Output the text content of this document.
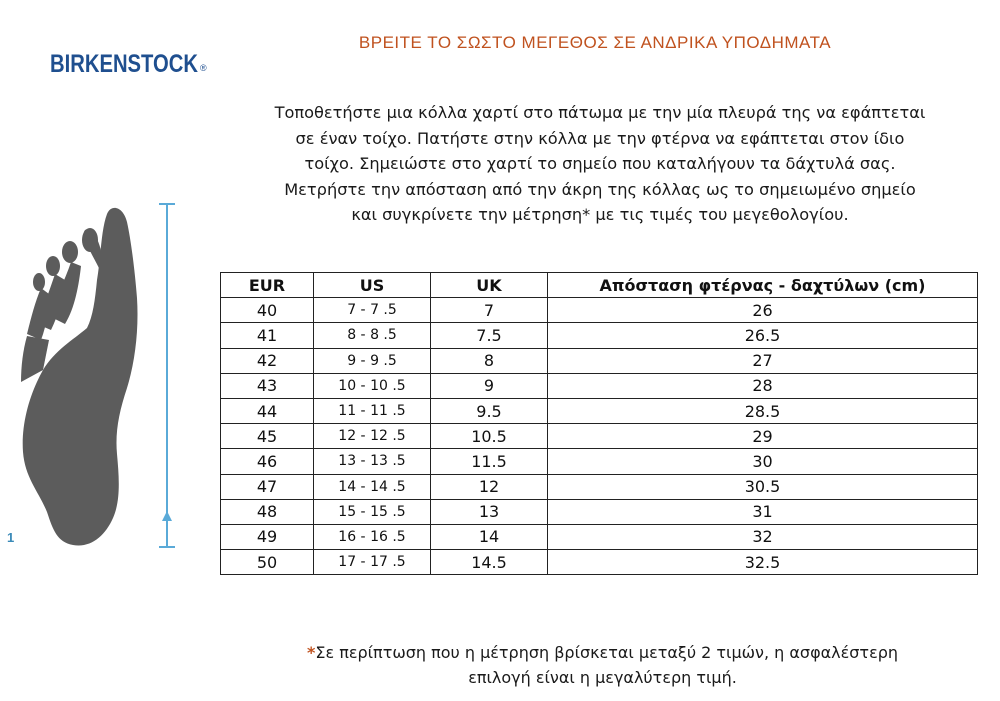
BIRKENSTOCK ®
ΒΡΕΙΤΕ ΤΟ ΣΩΣΤΟ ΜΕΓΕΘΟΣ ΣΕ ΑΝΔΡΙΚΑ ΥΠΟΔΗΜΑΤΑ
Τοποθετήστε μια κόλλα χαρτί στο πάτωμα με την μία πλευρά της να εφάπτεται
σε έναν τοίχο. Πατήστε στην κόλλα με την φτέρνα να εφάπτεται στον ίδιο
τοίχο. Σημειώστε στο χαρτί το σημείο που καταλήγουν τα δάχτυλά σας.
Μετρήστε την απόσταση από την άκρη της κόλλας ως το σημειωμένο σημείο
και συγκρίνετε την μέτρηση* με τις τιμές του μεγεθολογίου.
1
EUR	US	UK	Απόσταση φτέρνας - δαχτύλων (cm)
40	7 - 7 .5	7	26
41	8 - 8 .5	7.5	26.5
42	9 - 9 .5	8	27
43	10 - 10 .5	9	28
44	11 - 11 .5	9.5	28.5
45	12 - 12 .5	10.5	29
46	13 - 13 .5	11.5	30
47	14 - 14 .5	12	30.5
48	15 - 15 .5	13	31
49	16 - 16 .5	14	32
50	17 - 17 .5	14.5	32.5
*Σε περίπτωση που η μέτρηση βρίσκεται μεταξύ 2 τιμών, η ασφαλέστερη
επιλογή είναι η μεγαλύτερη τιμή.
